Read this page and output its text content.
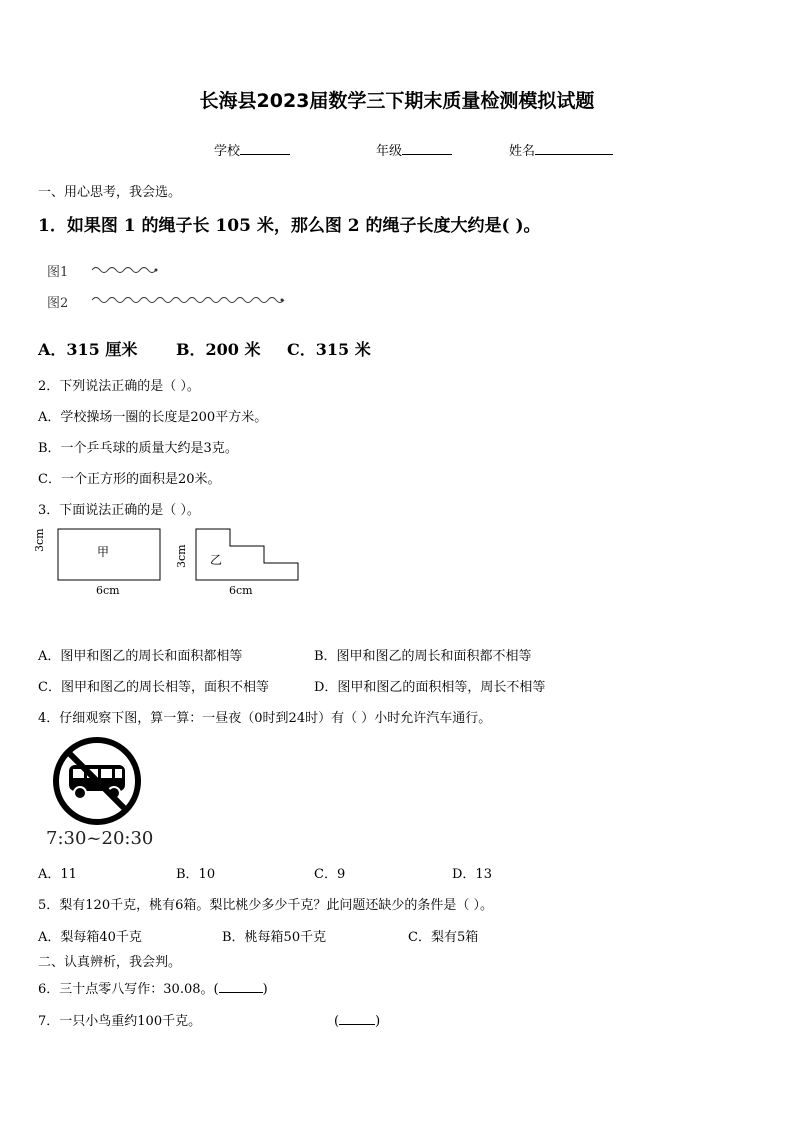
长海县2023届数学三下期末质量检测模拟试题
学校	年级	姓名
一、用心思考，我会选。
1．如果图 1 的绳子长 105 米，那么图 2 的绳子长度大约是( )。
图1
图2
A．315 厘米 B．200 米 C．315 米
2．下列说法正确的是（ ）。
A．学校操场一圈的长度是200平方米。
B．一个乒乓球的质量大约是3克。
C．一个正方形的面积是20米。
3．下面说法正确的是（ ）。
甲
乙
3cm
3cm
6cm	6cm
A．图甲和图乙的周长和面积都相等	B．图甲和图乙的周长和面积都不相等
C．图甲和图乙的周长相等，面积不相等	D．图甲和图乙的面积相等，周长不相等
4．仔细观察下图，算一算：一昼夜（0时到24时）有（ ）小时允许汽车通行。
7:30~20:30
A．11	B．10	C．9	D．13
5．梨有120千克，桃有6箱。梨比桃少多少千克？此问题还缺少的条件是（ ）。
A．梨每箱40千克	B．桃每箱50千克	C．梨有5箱
二、认真辨析，我会判。
6．三十点零八写作：30.08。(	)
7．一只小鸟重约100千克。	(	)
